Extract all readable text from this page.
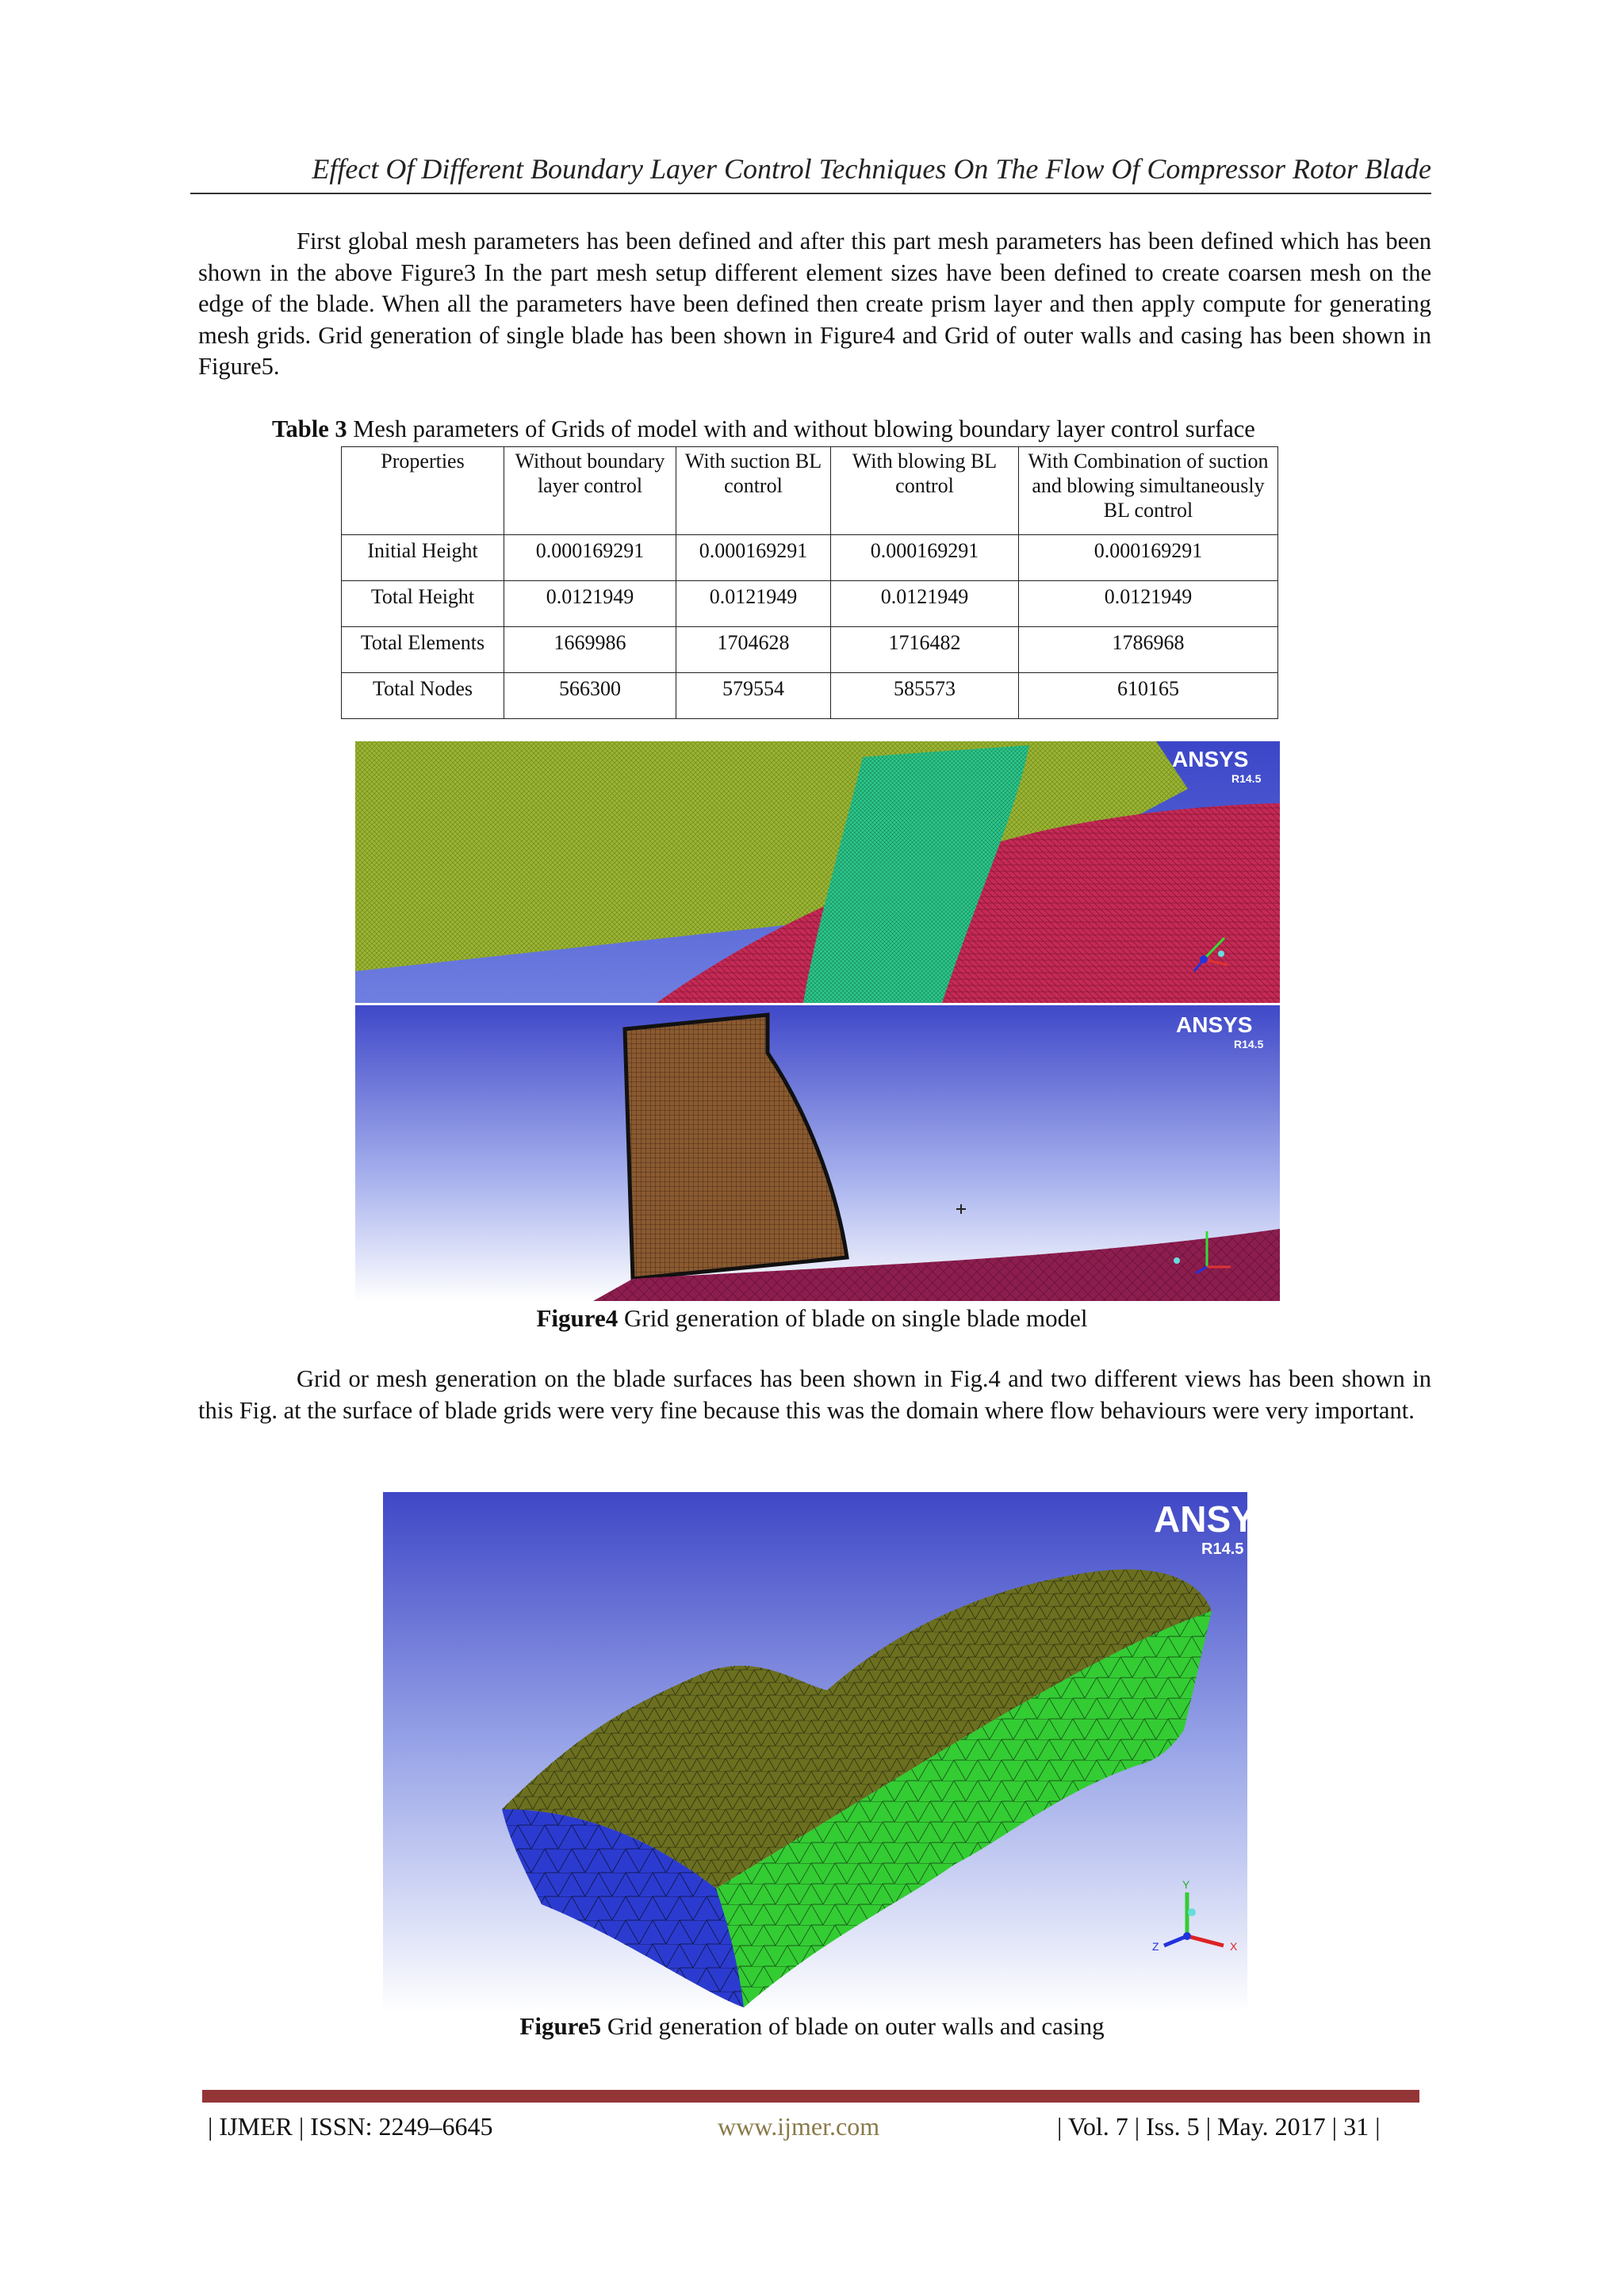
Effect Of Different Boundary Layer Control Techniques On The Flow Of Compressor Rotor Blade

First global mesh parameters has been defined and after this part mesh parameters has been defined which has been shown in the above Figure3 In the part mesh setup different element sizes have been defined to create coarsen mesh on the edge of the blade. When all the parameters have been defined then create prism layer and then apply compute for generating mesh grids. Grid generation of single blade has been shown in Figure4 and Grid of outer walls and casing has been shown in Figure5.

Table 3 Mesh parameters of Grids of model with and without blowing boundary layer control surface

Properties	Without boundary layer control	With suction BL control	With blowing BL control	With Combination of suction and blowing simultaneously BL control
Initial Height	0.000169291	0.000169291	0.000169291	0.000169291
Total Height	0.0121949	0.0121949	0.0121949	0.0121949
Total Elements	1669986	1704628	1716482	1786968
Total Nodes	566300	579554	585573	610165
ANSYS
R14.5
ANSYS
R14.5

Figure4 Grid generation of blade on single blade model

Grid or mesh generation on the blade surfaces has been shown in Fig.4 and two different views has been shown in this Fig. at the surface of blade grids were very fine because this was the domain where flow behaviours were very important.

ANSYS
R14.5
Y
X
Z

Figure5 Grid generation of blade on outer walls and casing

| IJMER | ISSN: 2249–6645	www.ijmer.com	| Vol. 7 | Iss. 5 | May. 2017 | 31 |
